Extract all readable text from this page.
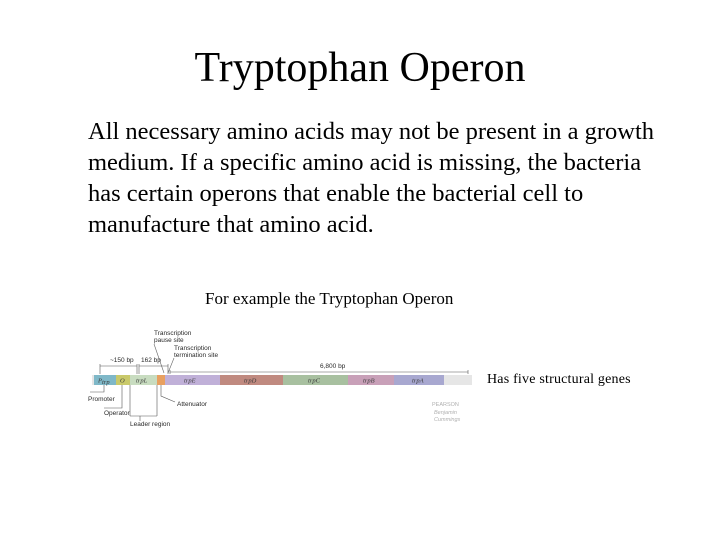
Tryptophan Operon
All necessary amino acids may not be present in a growth medium. If a specific amino acid is missing, the bacteria has certain operons that enable the bacterial cell to manufacture that amino acid.
For example the Tryptophan Operon
Has five structural genes
Transcription
pause site
Transcription
termination site
~150 bp 162 bp
6,800 bp
P trp O trpL	trpE	trpD	trpC	trpB	trpA
Promoter
Operator
Leader region
Attenuator	PEARSON
Benjamin
Cummings
